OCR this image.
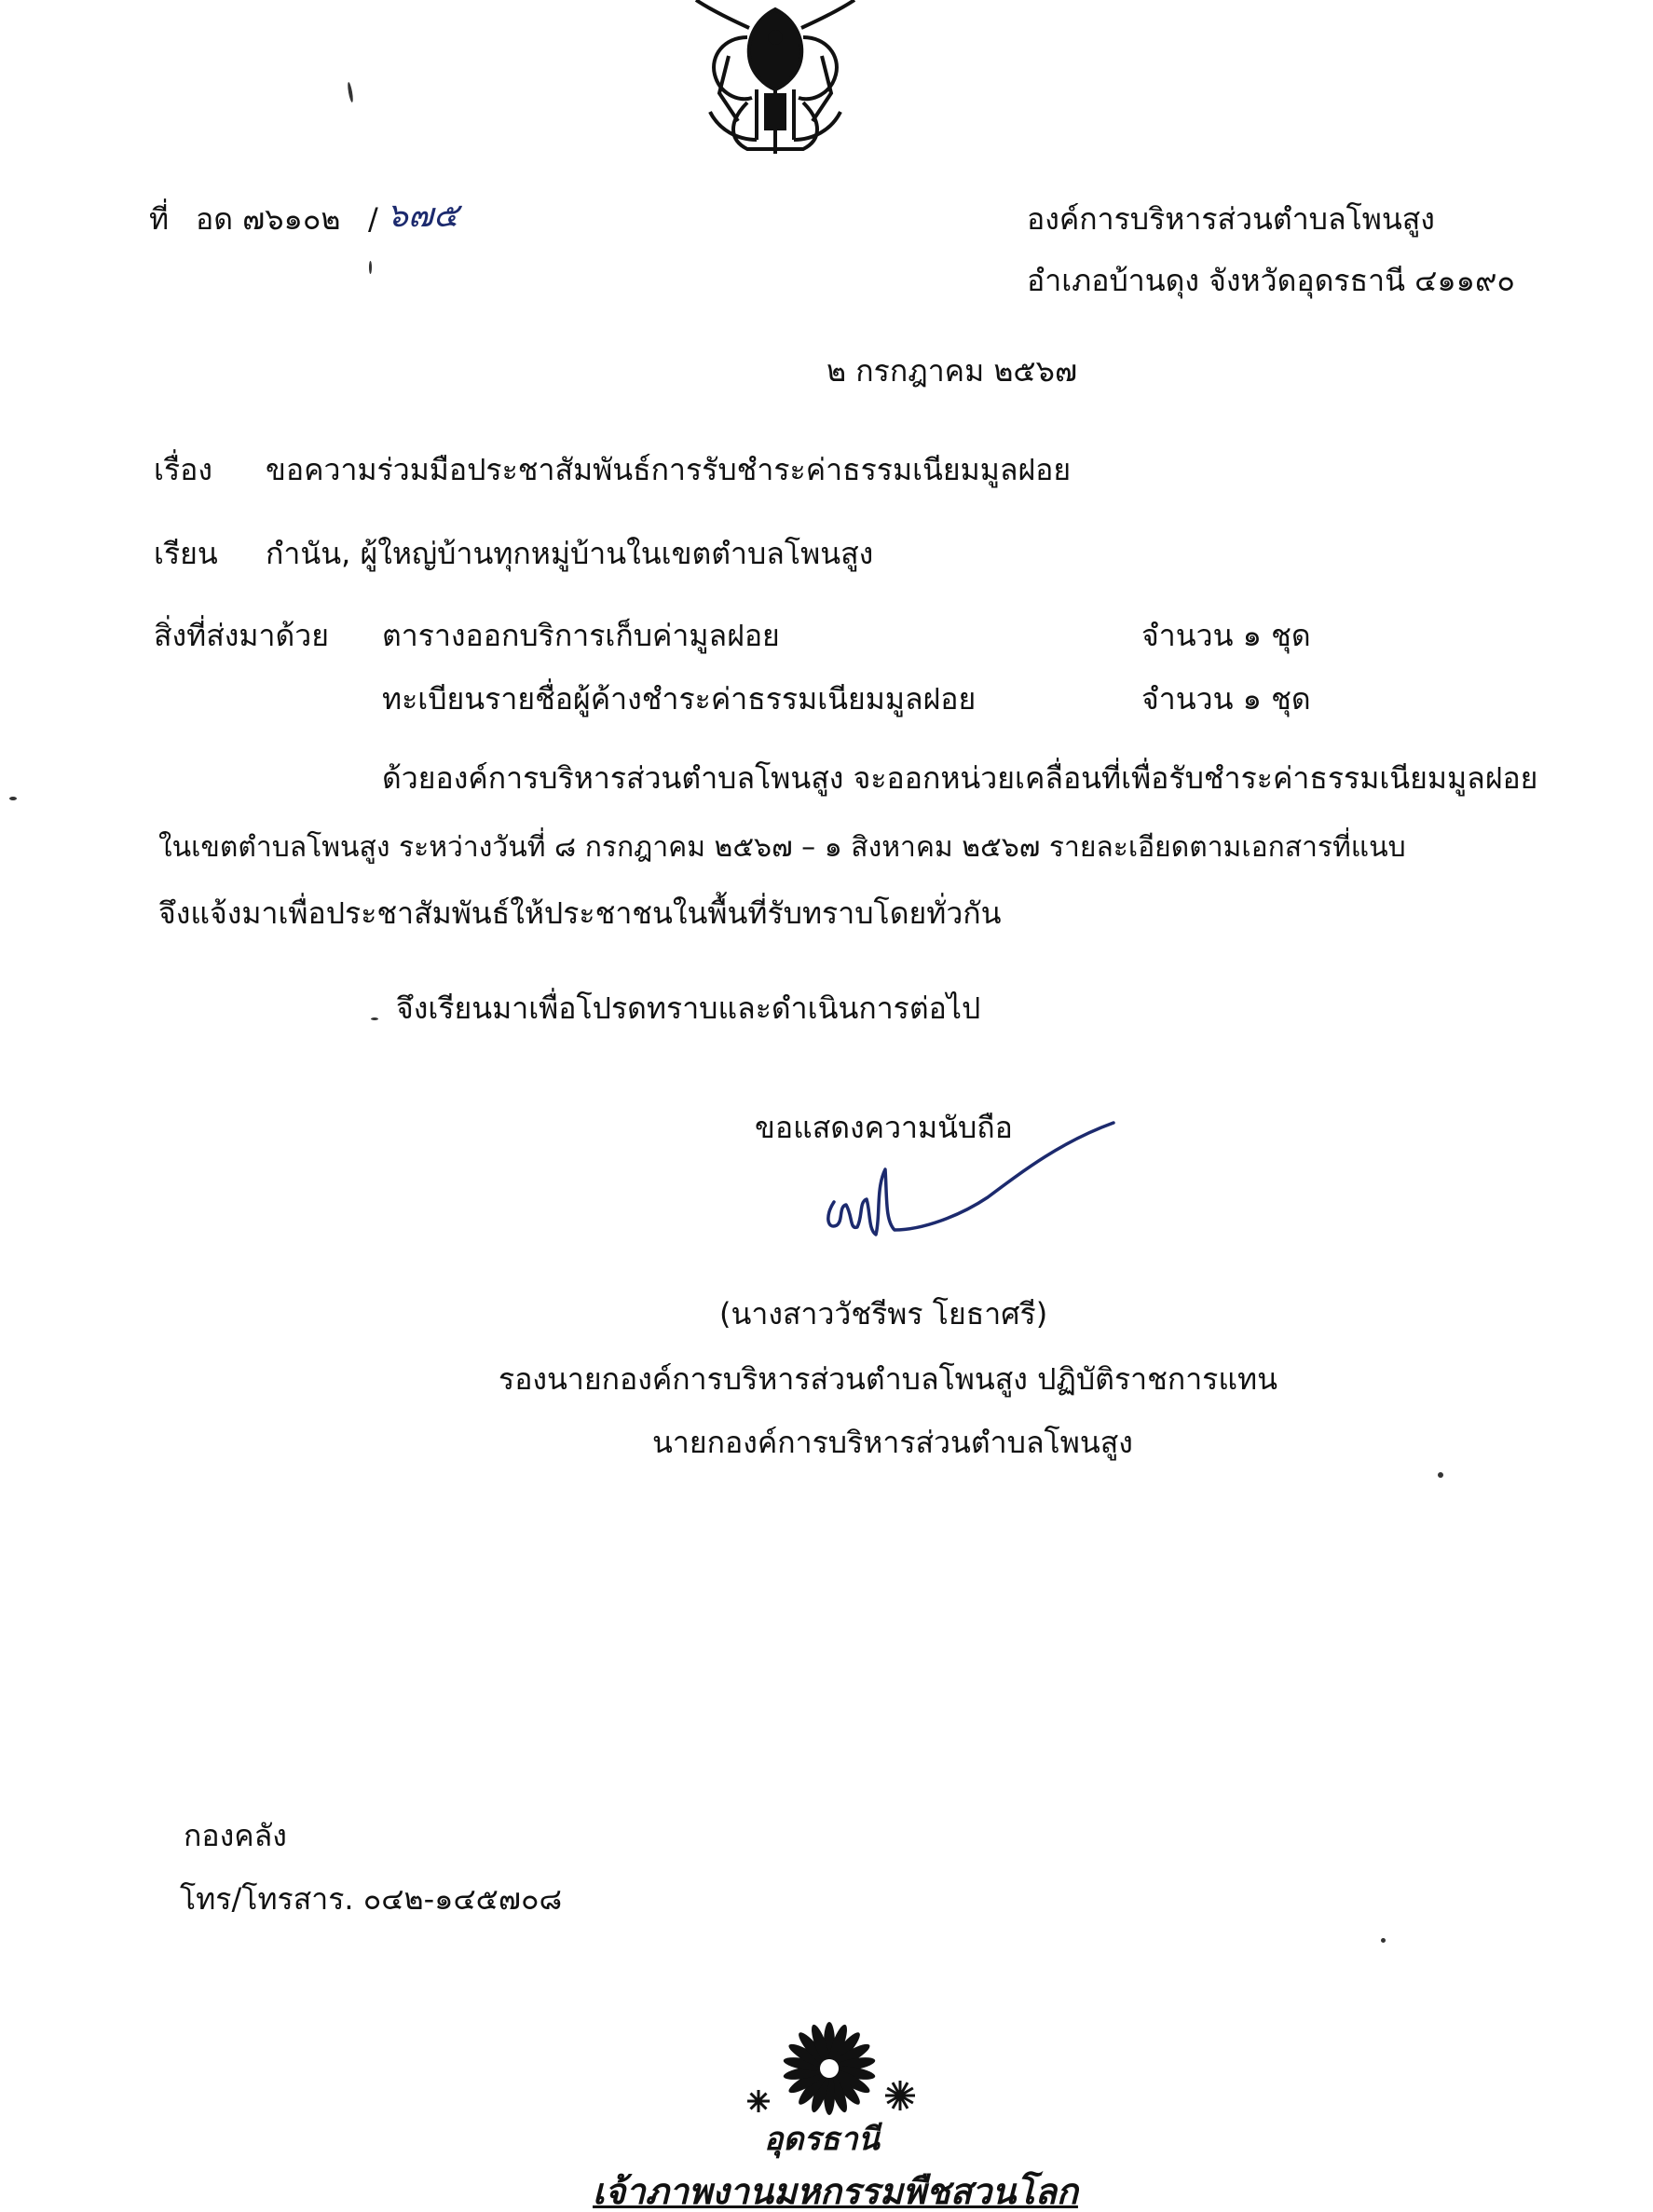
ที่ อด ๗๖๑๐๒ / ๖๗๕	องค์การบริหารส่วนตำบลโพนสูง

อำเภอบ้านดุง จังหวัดอุดรธานี ๔๑๑๙๐

๒ กรกฎาคม ๒๕๖๗

เรื่อง ขอความร่วมมือประชาสัมพันธ์การรับชำระค่าธรรมเนียมมูลฝอย

เรียน กำนัน, ผู้ใหญ่บ้านทุกหมู่บ้านในเขตตำบลโพนสูง

สิ่งที่ส่งมาด้วย ตารางออกบริการเก็บค่ามูลฝอย	จำนวน ๑ ชุด

ทะเบียนรายชื่อผู้ค้างชำระค่าธรรมเนียมมูลฝอย	จำนวน ๑ ชุด

ด้วยองค์การบริหารส่วนตำบลโพนสูง จะออกหน่วยเคลื่อนที่เพื่อรับชำระค่าธรรมเนียมมูลฝอย

ในเขตตำบลโพนสูง ระหว่างวันที่ ๘ กรกฎาคม ๒๕๖๗ – ๑ สิงหาคม ๒๕๖๗ รายละเอียดตามเอกสารที่แนบ

จึงแจ้งมาเพื่อประชาสัมพันธ์ให้ประชาชนในพื้นที่รับทราบโดยทั่วกัน

จึงเรียนมาเพื่อโปรดทราบและดำเนินการต่อไป

ขอแสดงความนับถือ

(นางสาววัชรีพร โยธาศรี)

รองนายกองค์การบริหารส่วนตำบลโพนสูง ปฏิบัติราชการแทน

นายกองค์การบริหารส่วนตำบลโพนสูง

กองคลัง

โทร/โทรสาร. ๐๔๒-๑๔๕๗๐๘

อุดรธานี

เจ้าภาพงานมหกรรมพืชสวนโลก
